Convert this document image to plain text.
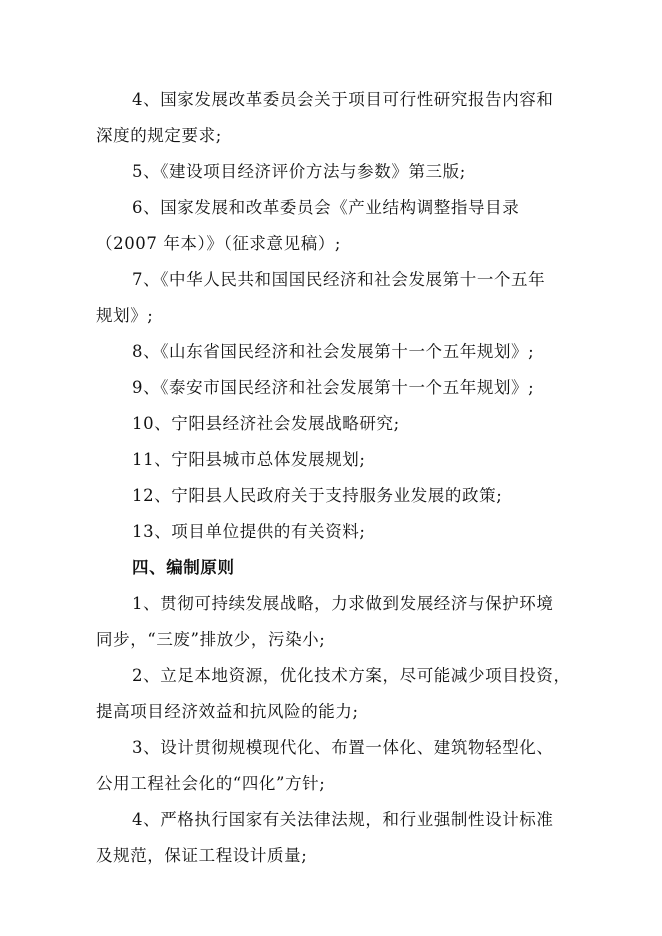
4、国家发展改革委员会关于项目可行性研究报告内容和
深度的规定要求;
5、《建设项目经济评价方法与参数》第三版;
6、国家发展和改革委员会《产业结构调整指导目录
（2007 年本）》（征求意见稿）;
7、《中华人民共和国国民经济和社会发展第十一个五年
规划》;
8、《山东省国民经济和社会发展第十一个五年规划》;
9、《泰安市国民经济和社会发展第十一个五年规划》;
10、宁阳县经济社会发展战略研究;
11、宁阳县城市总体发展规划;
12、宁阳县人民政府关于支持服务业发展的政策;
13、项目单位提供的有关资料;
四、编制原则
1、贯彻可持续发展战略，力求做到发展经济与保护环境
同步，“三废”排放少，污染小;
2、立足本地资源，优化技术方案，尽可能减少项目投资，
提高项目经济效益和抗风险的能力;
3、设计贯彻规模现代化、布置一体化、建筑物轻型化、
公用工程社会化的“四化”方针;
4、严格执行国家有关法律法规，和行业强制性设计标准
及规范，保证工程设计质量;
